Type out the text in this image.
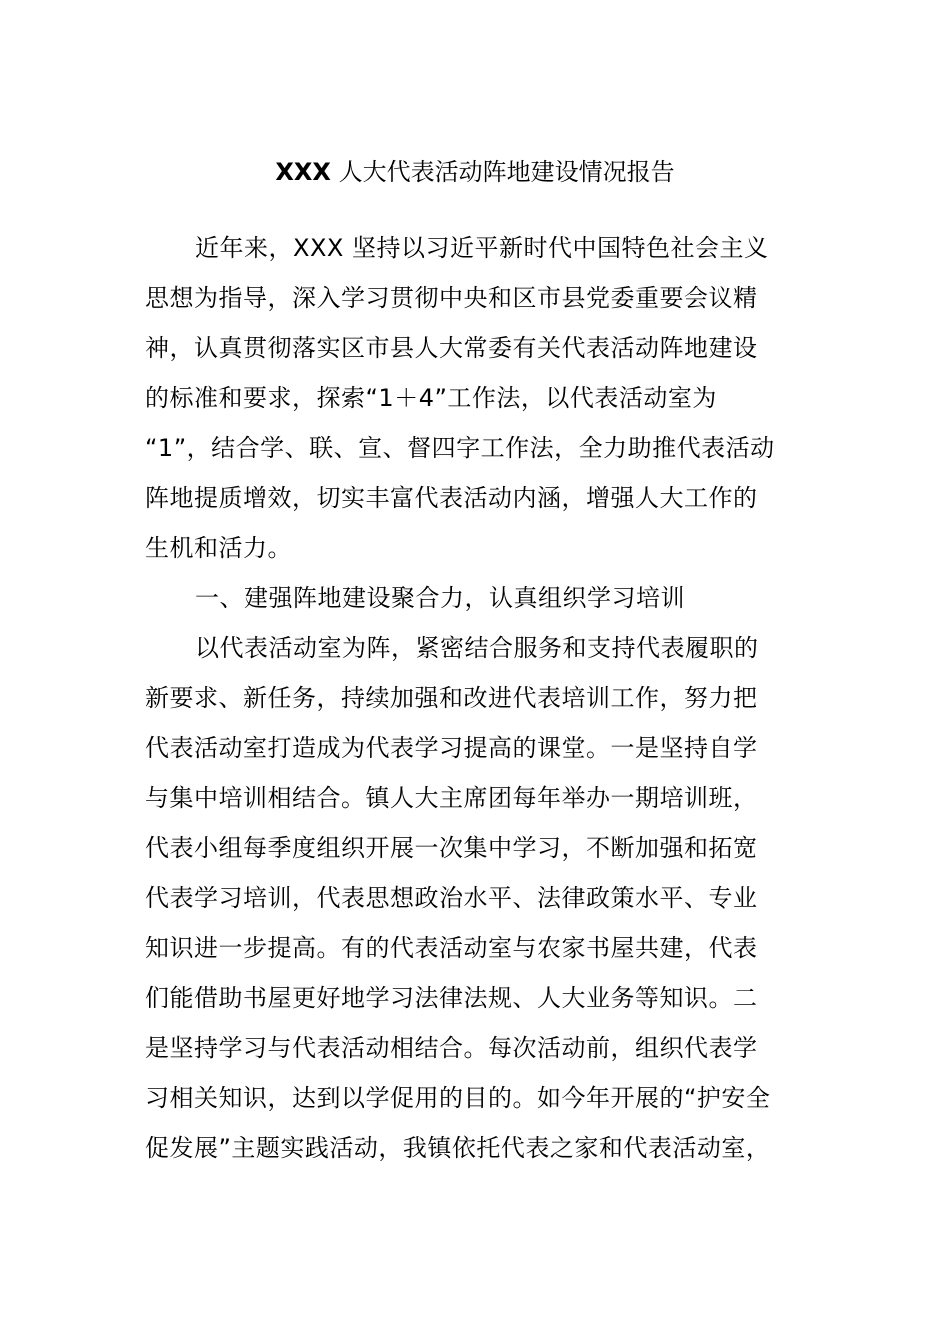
XXX 人大代表活动阵地建设情况报告
近年来，XXX 坚持以习近平新时代中国特色社会主义
思想为指导，深入学习贯彻中央和区市县党委重要会议精
神，认真贯彻落实区市县人大常委有关代表活动阵地建设
的标准和要求，探索“1＋4”工作法，以代表活动室为
“1”，结合学、联、宣、督四字工作法，全力助推代表活动
阵地提质增效，切实丰富代表活动内涵，增强人大工作的
生机和活力。
一、建强阵地建设聚合力，认真组织学习培训
以代表活动室为阵，紧密结合服务和支持代表履职的
新要求、新任务，持续加强和改进代表培训工作，努力把
代表活动室打造成为代表学习提高的课堂。一是坚持自学
与集中培训相结合。镇人大主席团每年举办一期培训班，
代表小组每季度组织开展一次集中学习，不断加强和拓宽
代表学习培训，代表思想政治水平、法律政策水平、专业
知识进一步提高。有的代表活动室与农家书屋共建，代表
们能借助书屋更好地学习法律法规、人大业务等知识。二
是坚持学习与代表活动相结合。每次活动前，组织代表学
习相关知识，达到以学促用的目的。如今年开展的“护安全
促发展”主题实践活动，我镇依托代表之家和代表活动室，
